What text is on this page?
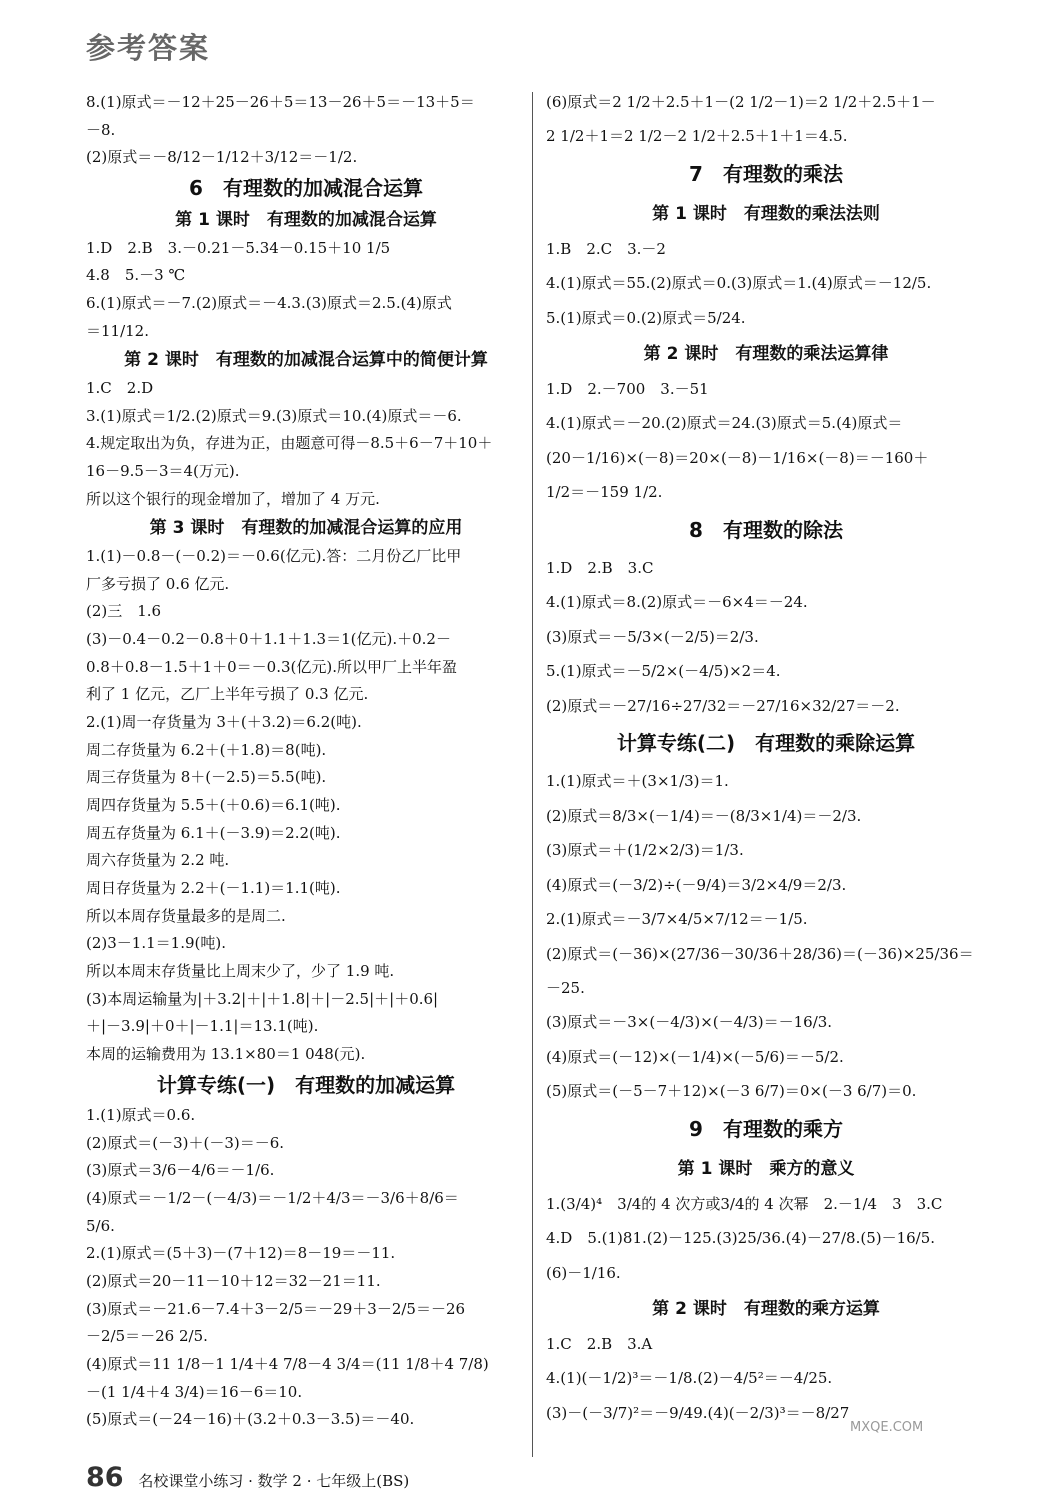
参考答案
8.(1)原式＝－12＋25－26＋5＝13－26＋5＝－13＋5＝
－8.
(2)原式＝－8/12－1/12＋3/12＝－1/2.
6　有理数的加减混合运算
第 1 课时　有理数的加减混合运算
1.D　2.B　3.－0.21－5.34－0.15＋10 1/5
4.8　5.－3 ℃
6.(1)原式＝－7.(2)原式＝－4.3.(3)原式＝2.5.(4)原式
＝11/12.
第 2 课时　有理数的加减混合运算中的简便计算
1.C　2.D
3.(1)原式＝1/2.(2)原式＝9.(3)原式＝10.(4)原式＝－6.
4.规定取出为负，存进为正，由题意可得－8.5＋6－7＋10＋
16－9.5－3＝4(万元).
所以这个银行的现金增加了，增加了 4 万元.
第 3 课时　有理数的加减混合运算的应用
1.(1)－0.8－(－0.2)＝－0.6(亿元).答：二月份乙厂比甲
厂多亏损了 0.6 亿元.
(2)三　1.6
(3)－0.4－0.2－0.8＋0＋1.1＋1.3＝1(亿元).＋0.2－
0.8＋0.8－1.5＋1＋0＝－0.3(亿元).所以甲厂上半年盈
利了 1 亿元，乙厂上半年亏损了 0.3 亿元.
2.(1)周一存货量为 3＋(＋3.2)＝6.2(吨).
周二存货量为 6.2＋(＋1.8)＝8(吨).
周三存货量为 8＋(－2.5)＝5.5(吨).
周四存货量为 5.5＋(＋0.6)＝6.1(吨).
周五存货量为 6.1＋(－3.9)＝2.2(吨).
周六存货量为 2.2 吨.
周日存货量为 2.2＋(－1.1)＝1.1(吨).
所以本周存货量最多的是周二.
(2)3－1.1＝1.9(吨).
所以本周末存货量比上周末少了，少了 1.9 吨.
(3)本周运输量为|＋3.2|＋|＋1.8|＋|－2.5|＋|＋0.6|
＋|－3.9|＋0＋|－1.1|＝13.1(吨).
本周的运输费用为 13.1×80＝1 048(元).
计算专练(一)　有理数的加减运算
1.(1)原式＝0.6.
(2)原式＝(－3)＋(－3)＝－6.
(3)原式＝3/6－4/6＝－1/6.
(4)原式＝－1/2－(－4/3)＝－1/2＋4/3＝－3/6＋8/6＝
5/6.
2.(1)原式＝(5＋3)－(7＋12)＝8－19＝－11.
(2)原式＝20－11－10＋12＝32－21＝11.
(3)原式＝－21.6－7.4＋3－2/5＝－29＋3－2/5＝－26
－2/5＝－26 2/5.
(4)原式＝11 1/8－1 1/4＋4 7/8－4 3/4＝(11 1/8＋4 7/8)
－(1 1/4＋4 3/4)＝16－6＝10.
(5)原式＝(－24－16)＋(3.2＋0.3－3.5)＝－40.
(6)原式＝2 1/2＋2.5＋1－(2 1/2－1)＝2 1/2＋2.5＋1－
2 1/2＋1＝2 1/2－2 1/2＋2.5＋1＋1＝4.5.
7　有理数的乘法
第 1 课时　有理数的乘法法则
1.B　2.C　3.－2
4.(1)原式＝55.(2)原式＝0.(3)原式＝1.(4)原式＝－12/5.
5.(1)原式＝0.(2)原式＝5/24.
第 2 课时　有理数的乘法运算律
1.D　2.－700　3.－51
4.(1)原式＝－20.(2)原式＝24.(3)原式＝5.(4)原式＝
(20－1/16)×(－8)＝20×(－8)－1/16×(－8)＝－160＋
1/2＝－159 1/2.
8　有理数的除法
1.D　2.B　3.C
4.(1)原式＝8.(2)原式＝－6×4＝－24.
(3)原式＝－5/3×(－2/5)＝2/3.
5.(1)原式＝－5/2×(－4/5)×2＝4.
(2)原式＝－27/16÷27/32＝－27/16×32/27＝－2.
计算专练(二)　有理数的乘除运算
1.(1)原式＝＋(3×1/3)＝1.
(2)原式＝8/3×(－1/4)＝－(8/3×1/4)＝－2/3.
(3)原式＝＋(1/2×2/3)＝1/3.
(4)原式＝(－3/2)÷(－9/4)＝3/2×4/9＝2/3.
2.(1)原式＝－3/7×4/5×7/12＝－1/5.
(2)原式＝(－36)×(27/36－30/36＋28/36)＝(－36)×25/36＝
－25.
(3)原式＝－3×(－4/3)×(－4/3)＝－16/3.
(4)原式＝(－12)×(－1/4)×(－5/6)＝－5/2.
(5)原式＝(－5－7＋12)×(－3 6/7)＝0×(－3 6/7)＝0.
9　有理数的乘方
第 1 课时　乘方的意义
1.(3/4)⁴　3/4的 4 次方或3/4的 4 次幂　2.－1/4　3　3.C
4.D　5.(1)81.(2)－125.(3)25/36.(4)－27/8.(5)－16/5.
(6)－1/16.
第 2 课时　有理数的乘方运算
1.C　2.B　3.A
4.(1)(－1/2)³＝－1/8.(2)－4/5²＝－4/25.
(3)－(－3/7)²＝－9/49.(4)(－2/3)³＝－8/27
86 名校课堂小练习 · 数学 2 · 七年级上(BS)
MXQE.COM
